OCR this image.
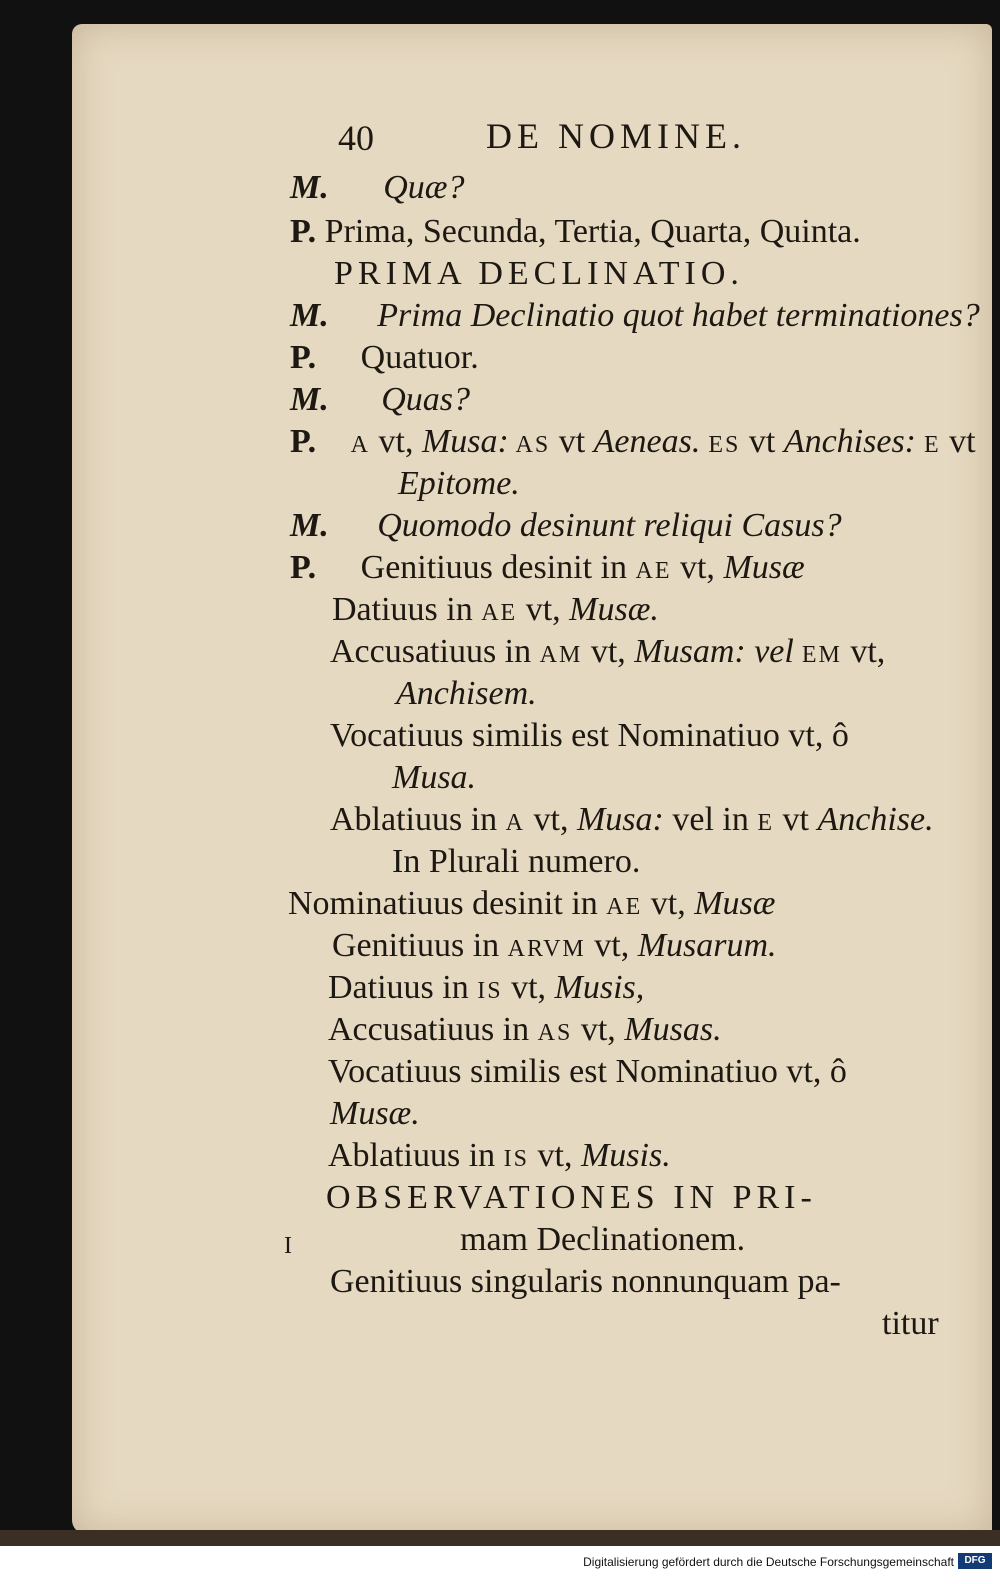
Digitalisierung gefördert durch die Deutsche Forschungsgemeinschaft	DFG
40	DE NOMINE.
M. Quæ?
P. Prima, Secunda, Tertia, Quarta, Quinta.
PRIMA DECLINATIO.
M. Prima Declinatio quot habet terminationes?
P. Quatuor.
M. Quas?
P. A vt, Musa: AS vt Aeneas. ES vt Anchises: E vt
Epitome.
M. Quomodo desinunt reliqui Casus?
P. Genitiuus desinit in AE vt, Musæ
Datiuus in AE vt, Musæ.
Accusatiuus in AM vt, Musam: vel EM vt,
Anchisem.
Vocatiuus similis est Nominatiuo vt, ô
Musa.
Ablatiuus in A vt, Musa: vel in E vt Anchise.
In Plurali numero.
Nominatiuus desinit in AE vt, Musæ
Genitiuus in ARVM vt, Musarum.
Datiuus in IS vt, Musis,
Accusatiuus in AS vt, Musas.
Vocatiuus similis est Nominatiuo vt, ô
Musæ.
Ablatiuus in IS vt, Musis.
OBSERVATIONES IN PRI-
I	mam Declinationem.
Genitiuus singularis nonnunquam pa-
titur
